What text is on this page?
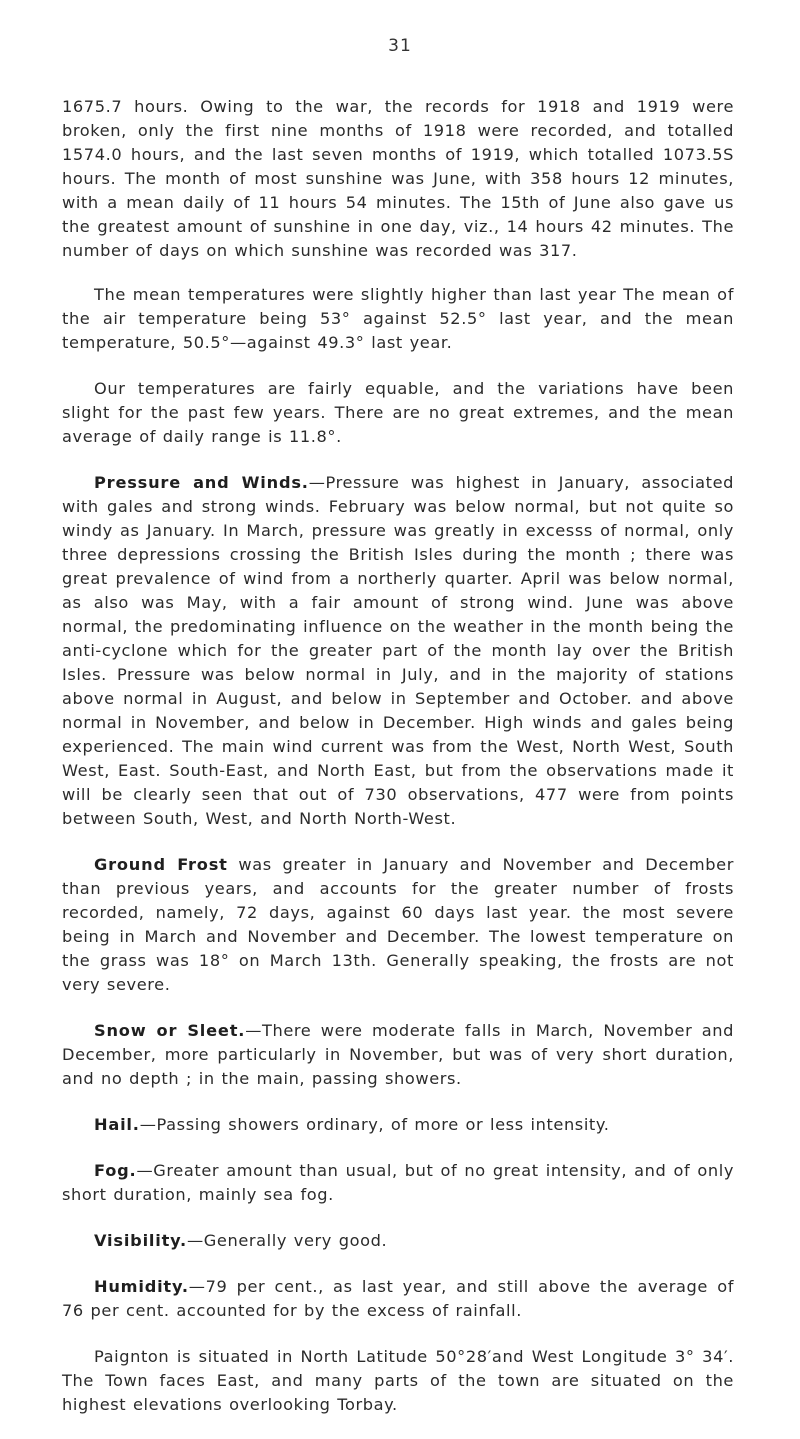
31

1675.7 hours. Owing to the war, the records for 1918 and 1919 were broken, only the first nine months of 1918 were recorded, and totalled 1574.0 hours, and the last seven months of 1919, which totalled 1073.5S hours. The month of most sunshine was June, with 358 hours 12 minutes, with a mean daily of 11 hours 54 minutes. The 15th of June also gave us the greatest amount of sunshine in one day, viz., 14 hours 42 minutes. The number of days on which sunshine was recorded was 317.

The mean temperatures were slightly higher than last year The mean of the air temperature being 53° against 52.5° last year, and the mean temperature, 50.5°—against 49.3° last year.

Our temperatures are fairly equable, and the variations have been slight for the past few years. There are no great extremes, and the mean average of daily range is 11.8°.

Pressure and Winds.—Pressure was highest in January, associated with gales and strong winds. February was below normal, but not quite so windy as January. In March, pressure was greatly in excesss of normal, only three depressions crossing the British Isles during the month ; there was great prevalence of wind from a northerly quarter. April was below normal, as also was May, with a fair amount of strong wind. June was above normal, the predominating influence on the weather in the month being the anti-cyclone which for the greater part of the month lay over the British Isles. Pressure was below normal in July, and in the majority of stations above normal in August, and below in September and October. and above normal in November, and below in December. High winds and gales being experienced. The main wind current was from the West, North West, South West, East. South-East, and North East, but from the observations made it will be clearly seen that out of 730 observations, 477 were from points between South, West, and North North-West.

Ground Frost was greater in January and November and December than previous years, and accounts for the greater number of frosts recorded, namely, 72 days, against 60 days last year. the most severe being in March and November and December. The lowest temperature on the grass was 18° on March 13th. Generally speaking, the frosts are not very severe.

Snow or Sleet.—There were moderate falls in March, November and December, more particularly in November, but was of very short duration, and no depth ; in the main, passing showers.

Hail.—Passing showers ordinary, of more or less intensity.

Fog.—Greater amount than usual, but of no great intensity, and of only short duration, mainly sea fog.

Visibility.—Generally very good.

Humidity.—79 per cent., as last year, and still above the average of 76 per cent. accounted for by the excess of rainfall.

Paignton is situated in North Latitude 50°28′and West Longitude 3° 34′. The Town faces East, and many parts of the town are situated on the highest elevations overlooking Torbay.
